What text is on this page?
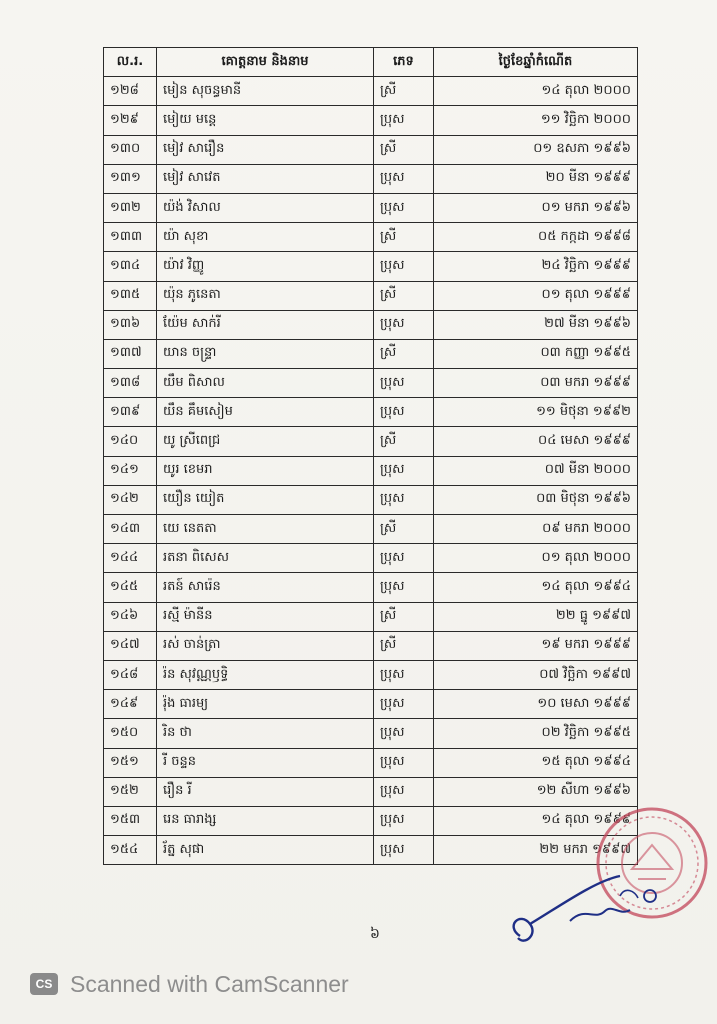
ល.រ.	គោត្តនាម និងនាម	ភេទ	ថ្ងៃខែឆ្នាំកំណើត
១២៨	មៀន សុចន្ធមានី	ស្រី	១៤ តុលា ២០០០
១២៩	មៀយ មន្តេ	ប្រុស	១១ វិច្ឆិកា ២០០០
១៣០	មៀវ សារឿន	ស្រី	០១ ឧសភា ១៩៩៦
១៣១	មៀវ សាវេត	ប្រុស	២០ មីនា ១៩៩៩
១៣២	យ៉ង់ វិសាល	ប្រុស	០១ មករា ១៩៩៦
១៣៣	យ៉ា សុខា	ស្រី	០៥ កក្កដា ១៩៩៨
១៣៤	យ៉ាវ វិញ្ញូ	ប្រុស	២៤ វិច្ឆិកា ១៩៩៩
១៣៥	យ៉ុន ភូនេតា	ស្រី	០១ តុលា ១៩៩៩
១៣៦	យ៉ែម សាក់រី	ប្រុស	២៧ មីនា ១៩៩៦
១៣៧	យាន ចន្ទ្រា	ស្រី	០៣ កញ្ញា ១៩៩៥
១៣៨	យឹម ពិសាល	ប្រុស	០៣ មករា ១៩៩៩
១៣៩	យឹន គឹមសៀម	ប្រុស	១១ មិថុនា ១៩៩២
១៤០	យូ ស្រីពេជ្រ	ស្រី	០៤ មេសា ១៩៩៩
១៤១	យូរ ខេមរា	ប្រុស	០៧ មីនា ២០០០
១៤២	យឿន យៀត	ប្រុស	០៣ មិថុនា ១៩៩៦
១៤៣	យេ នេតតា	ស្រី	០៩ មករា ២០០០
១៤៤	រតនា ពិសេស	ប្រុស	០១ តុលា ២០០០
១៤៥	រតន៍ សារ៉េន	ប្រុស	១៤ តុលា ១៩៩៤
១៤៦	រស្មី ម៉ានីន	ស្រី	២២ ធ្នូ ១៩៩៧
១៤៧	រស់ ចាន់ត្រា	ស្រី	១៩ មករា ១៩៩៩
១៤៨	រ៉ន សុវណ្ណឫទ្ធិ	ប្រុស	០៧ វិច្ឆិកា ១៩៩៧
១៤៩	រ៉ុង ធារម្យ	ប្រុស	១០ មេសា ១៩៩៩
១៥០	រិន ថា	ប្រុស	០២ វិច្ឆិកា ១៩៩៥
១៥១	រី ចន្ទន	ប្រុស	១៥ តុលា ១៩៩៤
១៥២	រឿន រី	ប្រុស	១២ សីហា ១៩៩៦
១៥៣	រេន ធារាង្ស	ប្រុស	១៤ តុលា ១៩៩៩
១៥៤	រ័ត្ន សុផា	ប្រុស	២២ មករា ១៩៩៧
៦
CS Scanned with CamScanner
